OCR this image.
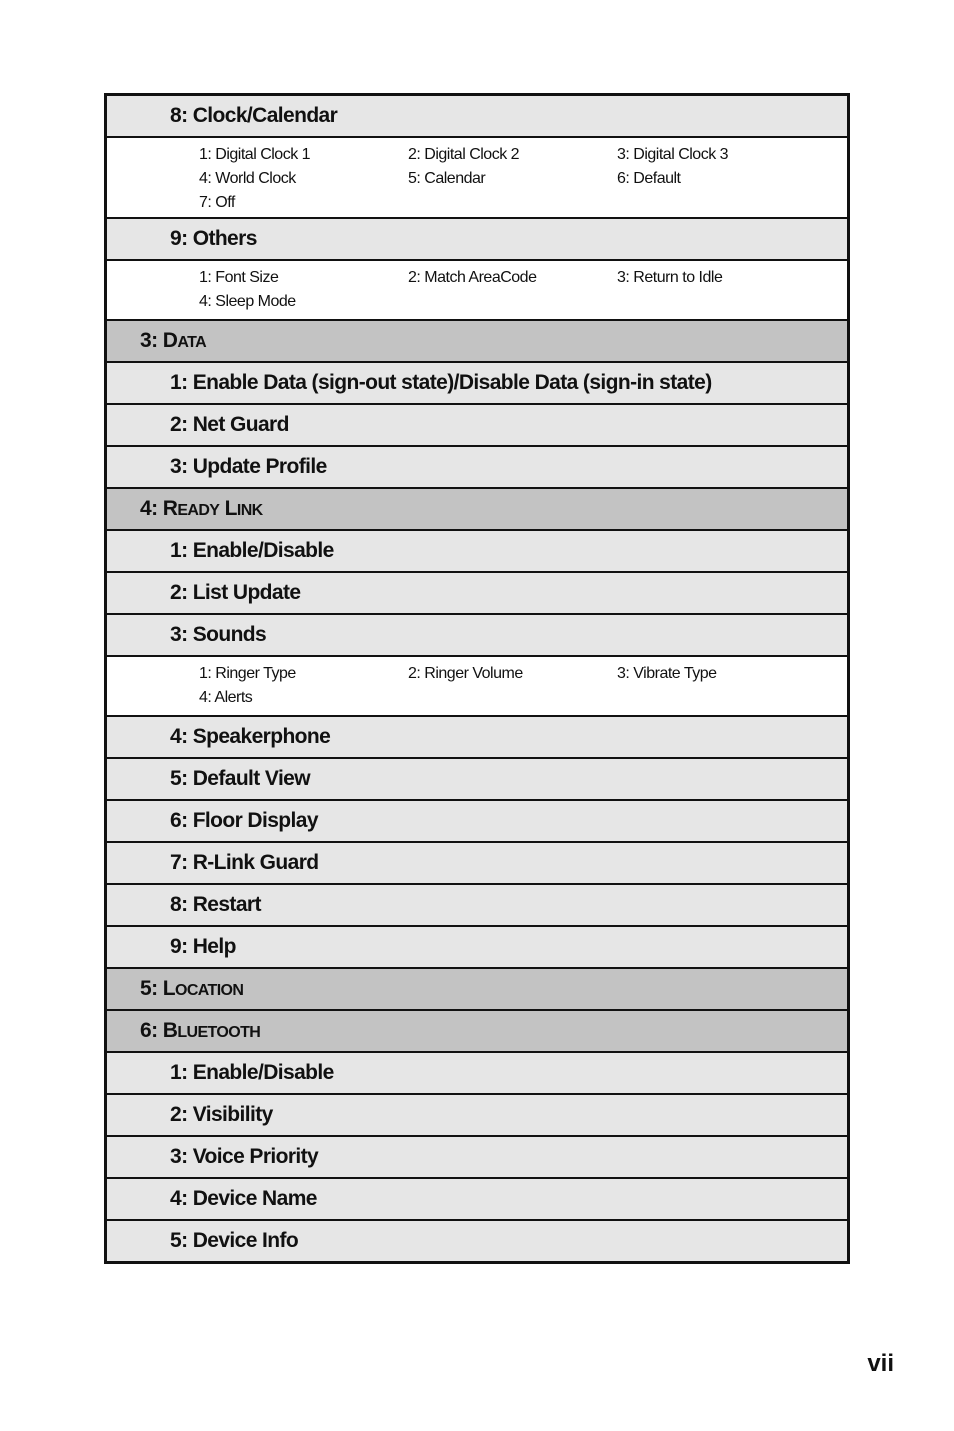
8: Clock/Calendar
1: Digital Clock 1	2: Digital Clock 2	3: Digital Clock 3
4: World Clock	5: Calendar	6: Default
7: Off
9: Others
1: Font Size	2: Match AreaCode	3: Return to Idle
4: Sleep Mode
3: DATA
1: Enable Data (sign-out state)/Disable Data (sign-in state)
2: Net Guard
3: Update Profile
4: READY LINK
1: Enable/Disable
2: List Update
3: Sounds
1: Ringer Type	2: Ringer Volume	3: Vibrate Type
4: Alerts
4: Speakerphone
5: Default View
6: Floor Display
7: R-Link Guard
8: Restart
9: Help
5: LOCATION
6: BLUETOOTH
1: Enable/Disable
2: Visibility
3: Voice Priority
4: Device Name
5: Device Info
vii
